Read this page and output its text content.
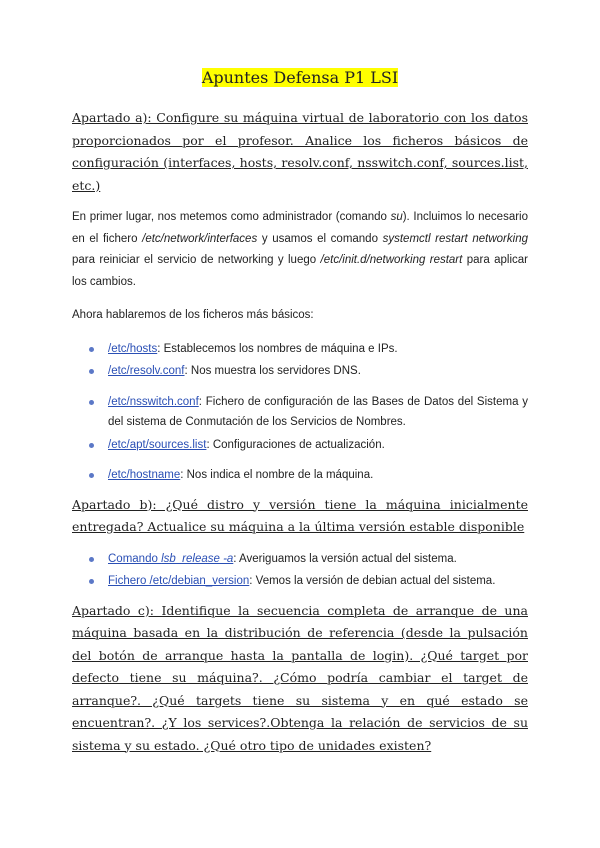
Apuntes Defensa P1 LSI

Apartado a): Configure su máquina virtual de laboratorio con los datos proporcionados por el profesor. Analice los ficheros básicos de configuración (interfaces, hosts, resolv.conf, nsswitch.conf, sources.list, etc.)

En primer lugar, nos metemos como administrador (comando su). Incluimos lo necesario en el fichero /etc/network/interfaces y usamos el comando systemctl restart networking para reiniciar el servicio de networking y luego /etc/init.d/networking restart para aplicar los cambios.

Ahora hablaremos de los ficheros más básicos:

/etc/hosts: Establecemos los nombres de máquina e IPs.
/etc/resolv.conf: Nos muestra los servidores DNS.
/etc/nsswitch.conf: Fichero de configuración de las Bases de Datos del Sistema y del sistema de Conmutación de los Servicios de Nombres.
/etc/apt/sources.list: Configuraciones de actualización.
/etc/hostname: Nos indica el nombre de la máquina.

Apartado b): ¿Qué distro y versión tiene la máquina inicialmente entregada? Actualice su máquina a la última versión estable disponible

Comando lsb_release -a: Averiguamos la versión actual del sistema.
Fichero /etc/debian_version: Vemos la versión de debian actual del sistema.

Apartado c): Identifique la secuencia completa de arranque de una máquina basada en la distribución de referencia (desde la pulsación del botón de arranque hasta la pantalla de login). ¿Qué target por defecto tiene su máquina?. ¿Cómo podría cambiar el target de arranque?. ¿Qué targets tiene su sistema y en qué estado se encuentran?. ¿Y los services?.Obtenga la relación de servicios de su sistema y su estado. ¿Qué otro tipo de unidades existen?
